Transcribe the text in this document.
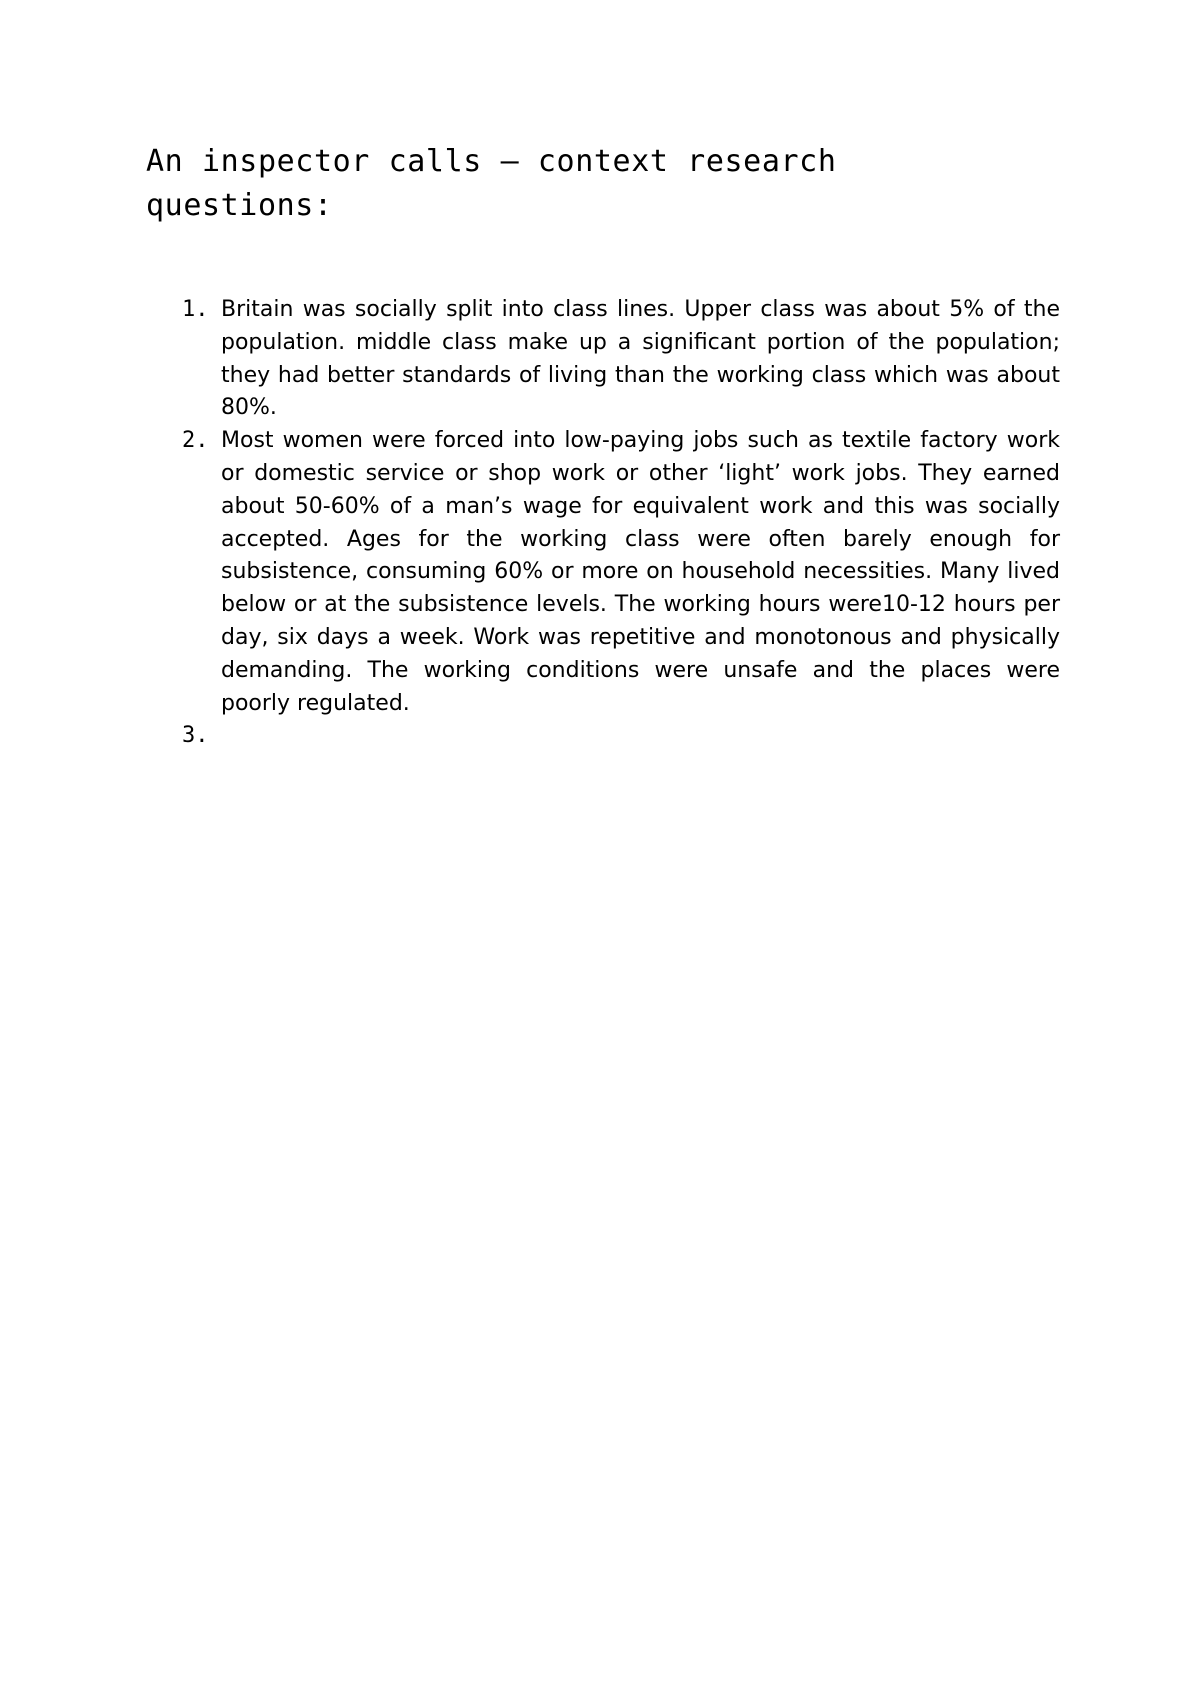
An inspector calls – context research questions:
1. Britain was socially split into class lines. Upper class was about 5% of the population. middle class make up a significant portion of the population; they had better standards of living than the working class which was about 80%.
2. Most women were forced into low-paying jobs such as textile factory work or domestic service or shop work or other ‘light’ work jobs. They earned about 50-60% of a man’s wage for equivalent work and this was socially accepted. Ages for the working class were often barely enough for subsistence, consuming 60% or more on household necessities. Many lived below or at the subsistence levels. The working hours were10-12 hours per day, six days a week. Work was repetitive and monotonous and physically demanding. The working conditions were unsafe and the places were poorly regulated.
3.
